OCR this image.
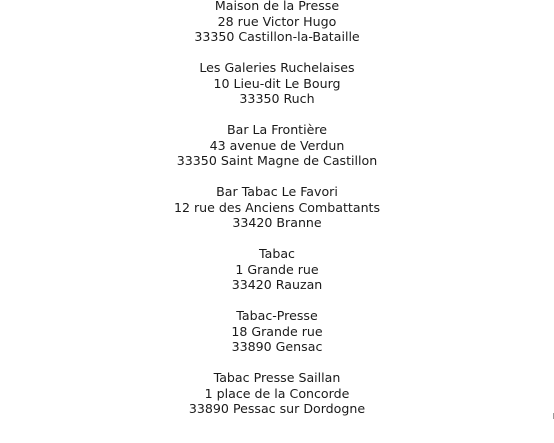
Maison de la Presse
28 rue Victor Hugo
33350 Castillon-la-Bataille
Les Galeries Ruchelaises
10 Lieu-dit Le Bourg
33350 Ruch
Bar La Frontière
43 avenue de Verdun
33350 Saint Magne de Castillon
Bar Tabac Le Favori
12 rue des Anciens Combattants
33420 Branne
Tabac
1 Grande rue
33420 Rauzan
Tabac-Presse
18 Grande rue
33890 Gensac
Tabac Presse Saillan
1 place de la Concorde
33890 Pessac sur Dordogne
